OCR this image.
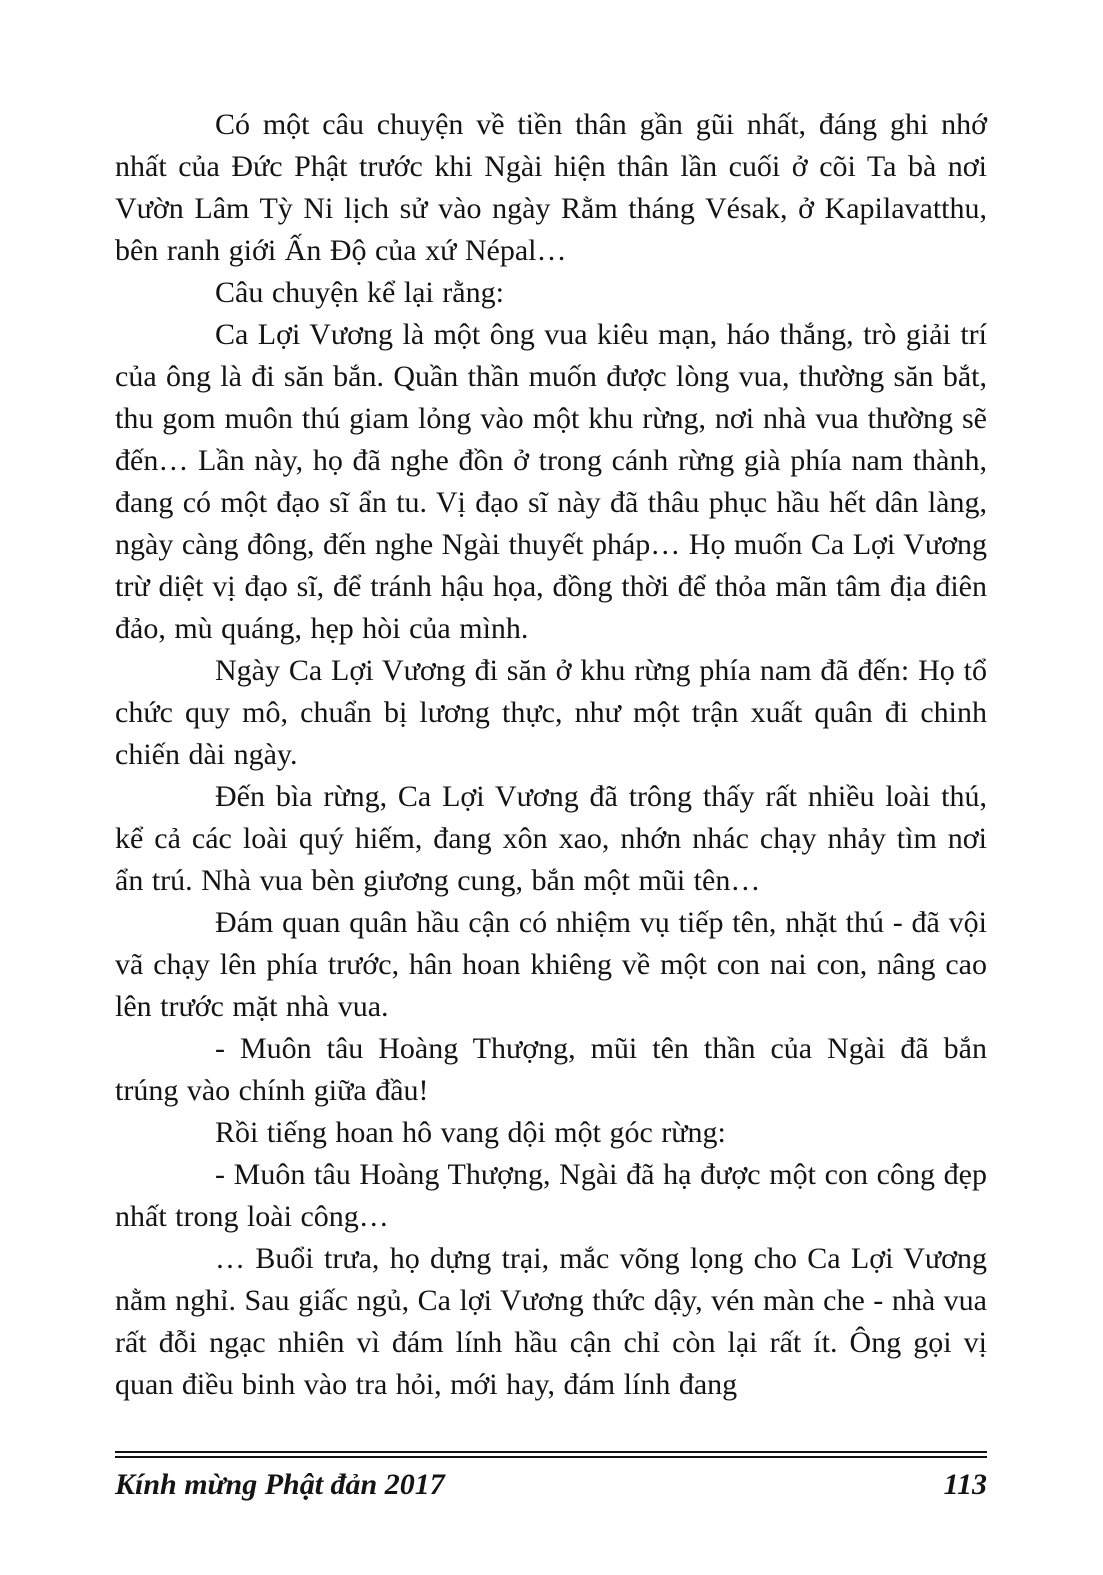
Có một câu chuyện về tiền thân gần gũi nhất, đáng ghi nhớ nhất của Đức Phật trước khi Ngài hiện thân lần cuối ở cõi Ta bà nơi Vườn Lâm Tỳ Ni lịch sử vào ngày Rằm tháng Vésak, ở Kapilavatthu, bên ranh giới Ấn Độ của xứ Népal…

Câu chuyện kể lại rằng:

Ca Lợi Vương là một ông vua kiêu mạn, háo thắng, trò giải trí của ông là đi săn bắn. Quần thần muốn được lòng vua, thường săn bắt, thu gom muôn thú giam lỏng vào một khu rừng, nơi nhà vua thường sẽ đến… Lần này, họ đã nghe đồn ở trong cánh rừng già phía nam thành, đang có một đạo sĩ ẩn tu. Vị đạo sĩ này đã thâu phục hầu hết dân làng, ngày càng đông, đến nghe Ngài thuyết pháp… Họ muốn Ca Lợi Vương trừ diệt vị đạo sĩ, để tránh hậu họa, đồng thời để thỏa mãn tâm địa điên đảo, mù quáng, hẹp hòi của mình.

Ngày Ca Lợi Vương đi săn ở khu rừng phía nam đã đến: Họ tổ chức quy mô, chuẩn bị lương thực, như một trận xuất quân đi chinh chiến dài ngày.

Đến bìa rừng, Ca Lợi Vương đã trông thấy rất nhiều loài thú, kể cả các loài quý hiếm, đang xôn xao, nhớn nhác chạy nhảy tìm nơi ẩn trú. Nhà vua bèn giương cung, bắn một mũi tên…

Đám quan quân hầu cận có nhiệm vụ tiếp tên, nhặt thú - đã vội vã chạy lên phía trước, hân hoan khiêng về một con nai con, nâng cao lên trước mặt nhà vua.

- Muôn tâu Hoàng Thượng, mũi tên thần của Ngài đã bắn trúng vào chính giữa đầu!

Rồi tiếng hoan hô vang dội một góc rừng:

- Muôn tâu Hoàng Thượng, Ngài đã hạ được một con công đẹp nhất trong loài công…

… Buổi trưa, họ dựng trại, mắc võng lọng cho Ca Lợi Vương nằm nghỉ. Sau giấc ngủ, Ca lợi Vương thức dậy, vén màn che - nhà vua rất đỗi ngạc nhiên vì đám lính hầu cận chỉ còn lại rất ít. Ông gọi vị quan điều binh vào tra hỏi, mới hay, đám lính đang

Kính mừng Phật đản 2017	113
